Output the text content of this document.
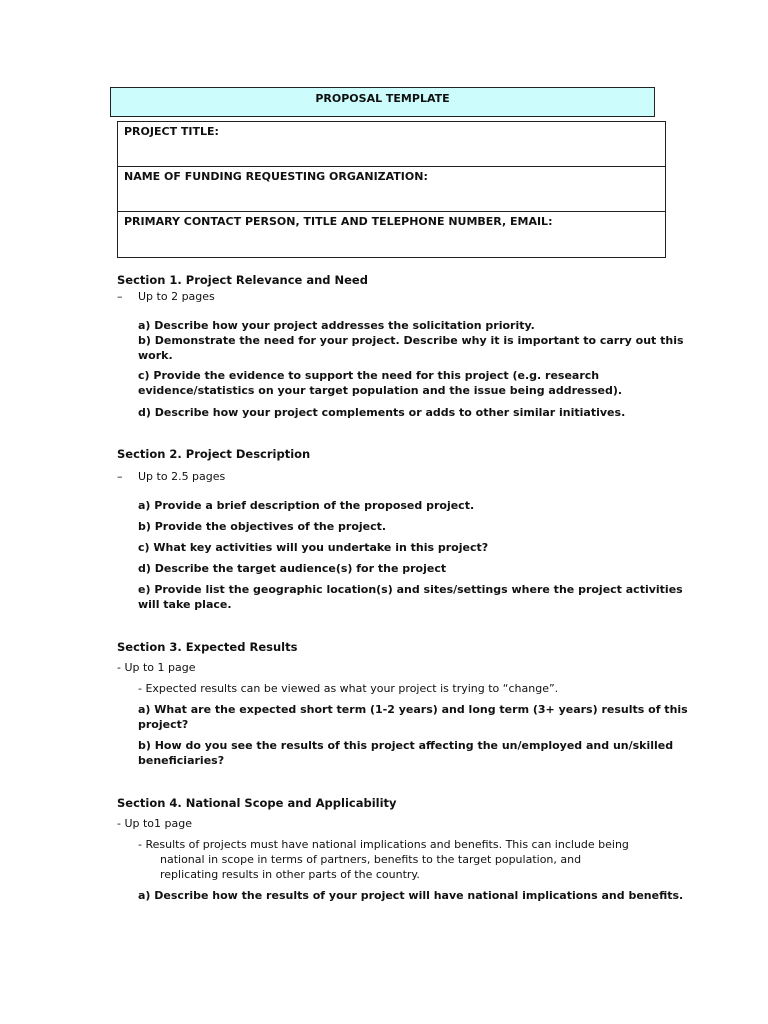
PROPOSAL TEMPLATE
PROJECT TITLE:
NAME OF FUNDING REQUESTING ORGANIZATION:
PRIMARY CONTACT PERSON, TITLE AND TELEPHONE NUMBER, EMAIL:
Section 1. Project Relevance and Need
– Up to 2 pages
a) Describe how your project addresses the solicitation priority.
b) Demonstrate the need for your project. Describe why it is important to carry out this
work.
c) Provide the evidence to support the need for this project (e.g. research
evidence/statistics on your target population and the issue being addressed).
d) Describe how your project complements or adds to other similar initiatives.
Section 2. Project Description
– Up to 2.5 pages
a) Provide a brief description of the proposed project.
b) Provide the objectives of the project.
c) What key activities will you undertake in this project?
d) Describe the target audience(s) for the project
e) Provide list the geographic location(s) and sites/settings where the project activities
will take place.
Section 3. Expected Results
- Up to 1 page
- Expected results can be viewed as what your project is trying to “change”.
a) What are the expected short term (1-2 years) and long term (3+ years) results of this
project?
b) How do you see the results of this project affecting the un/employed and un/skilled
beneficiaries?
Section 4. National Scope and Applicability
- Up to1 page
- Results of projects must have national implications and benefits. This can include being
national in scope in terms of partners, benefits to the target population, and
replicating results in other parts of the country.
a) Describe how the results of your project will have national implications and benefits.
